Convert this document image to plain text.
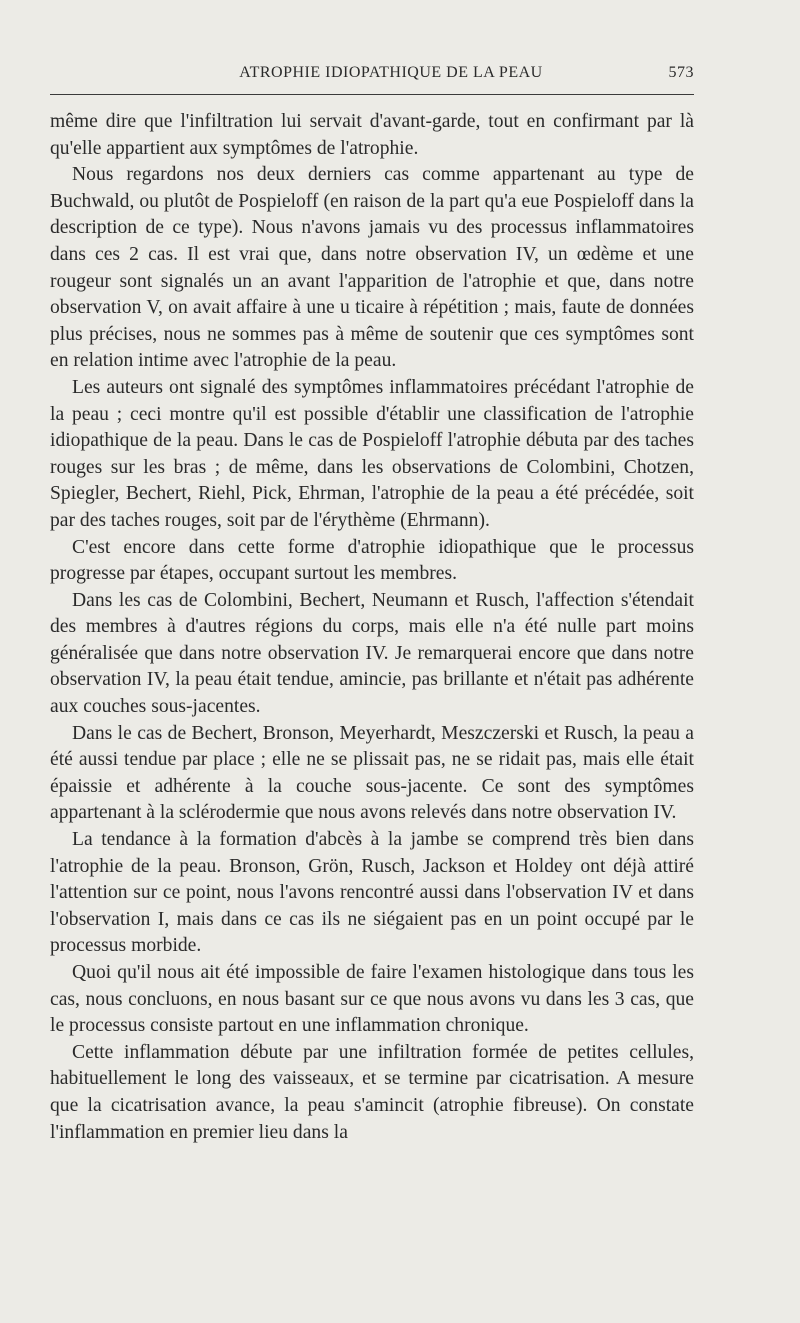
ATROPHIE IDIOPATHIQUE DE LA PEAU	573

même dire que l'infiltration lui servait d'avant-garde, tout en confirmant par là qu'elle appartient aux symptômes de l'atrophie.

Nous regardons nos deux derniers cas comme appartenant au type de Buchwald, ou plutôt de Pospieloff (en raison de la part qu'a eue Pospieloff dans la description de ce type). Nous n'avons jamais vu des processus inflammatoires dans ces 2 cas. Il est vrai que, dans notre observation IV, un œdème et une rougeur sont signalés un an avant l'apparition de l'atrophie et que, dans notre observation V, on avait affaire à une u ticaire à répétition ; mais, faute de données plus précises, nous ne sommes pas à même de soutenir que ces symptômes sont en relation intime avec l'atrophie de la peau.

Les auteurs ont signalé des symptômes inflammatoires précédant l'atrophie de la peau ; ceci montre qu'il est possible d'établir une classification de l'atrophie idiopathique de la peau. Dans le cas de Pospieloff l'atrophie débuta par des taches rouges sur les bras ; de même, dans les observations de Colombini, Chotzen, Spiegler, Bechert, Riehl, Pick, Ehrman, l'atrophie de la peau a été précédée, soit par des taches rouges, soit par de l'érythème (Ehrmann).

C'est encore dans cette forme d'atrophie idiopathique que le processus progresse par étapes, occupant surtout les membres.

Dans les cas de Colombini, Bechert, Neumann et Rusch, l'affection s'étendait des membres à d'autres régions du corps, mais elle n'a été nulle part moins généralisée que dans notre observation IV. Je remarquerai encore que dans notre observation IV, la peau était tendue, amincie, pas brillante et n'était pas adhérente aux couches sous-jacentes.

Dans le cas de Bechert, Bronson, Meyerhardt, Meszczerski et Rusch, la peau a été aussi tendue par place ; elle ne se plissait pas, ne se ridait pas, mais elle était épaissie et adhérente à la couche sous-jacente. Ce sont des symptômes appartenant à la sclérodermie que nous avons relevés dans notre observation IV.

La tendance à la formation d'abcès à la jambe se comprend très bien dans l'atrophie de la peau. Bronson, Grön, Rusch, Jackson et Holdey ont déjà attiré l'attention sur ce point, nous l'avons rencontré aussi dans l'observation IV et dans l'observation I, mais dans ce cas ils ne siégaient pas en un point occupé par le processus morbide.

Quoi qu'il nous ait été impossible de faire l'examen histologique dans tous les cas, nous concluons, en nous basant sur ce que nous avons vu dans les 3 cas, que le processus consiste partout en une inflammation chronique.

Cette inflammation débute par une infiltration formée de petites cellules, habituellement le long des vaisseaux, et se termine par cicatrisation. A mesure que la cicatrisation avance, la peau s'amincit (atrophie fibreuse). On constate l'inflammation en premier lieu dans la
